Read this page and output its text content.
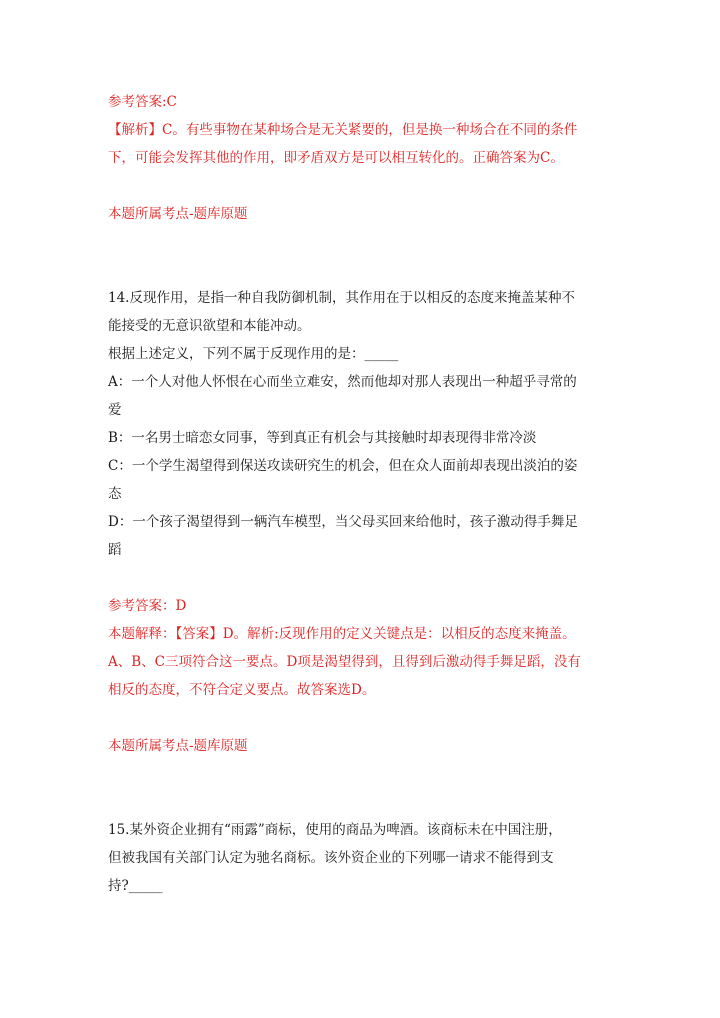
参考答案:C

【解析】C。有些事物在某种场合是无关紧要的，但是换一种场合在不同的条件

下，可能会发挥其他的作用，即矛盾双方是可以相互转化的。正确答案为C。

本题所属考点-题库原题

14.反现作用，是指一种自我防御机制，其作用在于以相反的态度来掩盖某种不

能接受的无意识欲望和本能冲动。

根据上述定义，下列不属于反现作用的是：_____

A：一个人对他人怀恨在心而坐立难安，然而他却对那人表现出一种超乎寻常的

爱

B：一名男士暗恋女同事，等到真正有机会与其接触时却表现得非常冷淡

C：一个学生渴望得到保送攻读研究生的机会，但在众人面前却表现出淡泊的姿

态

D：一个孩子渴望得到一辆汽车模型，当父母买回来给他时，孩子激动得手舞足

蹈

参考答案：D

本题解释：【答案】D。解析:反现作用的定义关键点是：以相反的态度来掩盖。

A、B、C三项符合这一要点。D项是渴望得到，且得到后激动得手舞足蹈，没有

相反的态度，不符合定义要点。故答案选D。

本题所属考点-题库原题

15.某外资企业拥有“雨露”商标，使用的商品为啤酒。该商标未在中国注册，

但被我国有关部门认定为驰名商标。该外资企业的下列哪一请求不能得到支

持?_____
